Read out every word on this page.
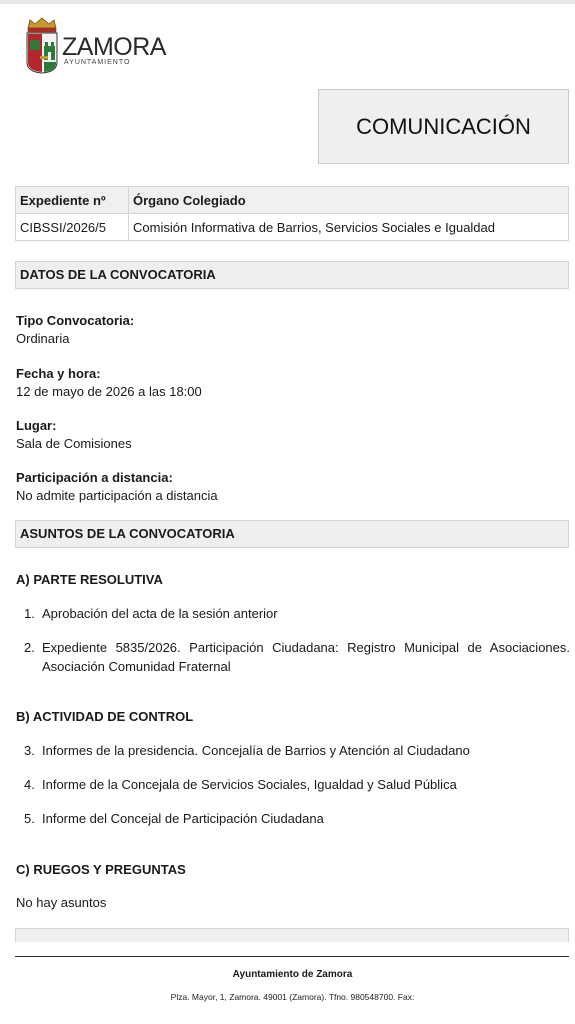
ZAMORA
AYUNTAMIENTO
COMUNICACIÓN
Expediente nº	Órgano Colegiado
CIBSSI/2026/5	Comisión Informativa de Barrios, Servicios Sociales e Igualdad
DATOS DE LA CONVOCATORIA
Tipo Convocatoria:
Ordinaria
Fecha y hora:
12 de mayo de 2026 a las 18:00
Lugar:
Sala de Comisiones
Participación a distancia:
No admite participación a distancia
ASUNTOS DE LA CONVOCATORIA
A) PARTE RESOLUTIVA
1. Aprobación del acta de la sesión anterior
2. Expediente 5835/2026. Participación Ciudadana: Registro Municipal de Asociaciones. Asociación Comunidad Fraternal
B) ACTIVIDAD DE CONTROL
3. Informes de la presidencia. Concejalía de Barrios y Atención al Ciudadano
4. Informe de la Concejala de Servicios Sociales, Igualdad y Salud Pública
5. Informe del Concejal de Participación Ciudadana
C) RUEGOS Y PREGUNTAS
No hay asuntos
Ayuntamiento de Zamora
Plza. Mayor, 1, Zamora. 49001 (Zamora). Tfno. 980548700. Fax:
